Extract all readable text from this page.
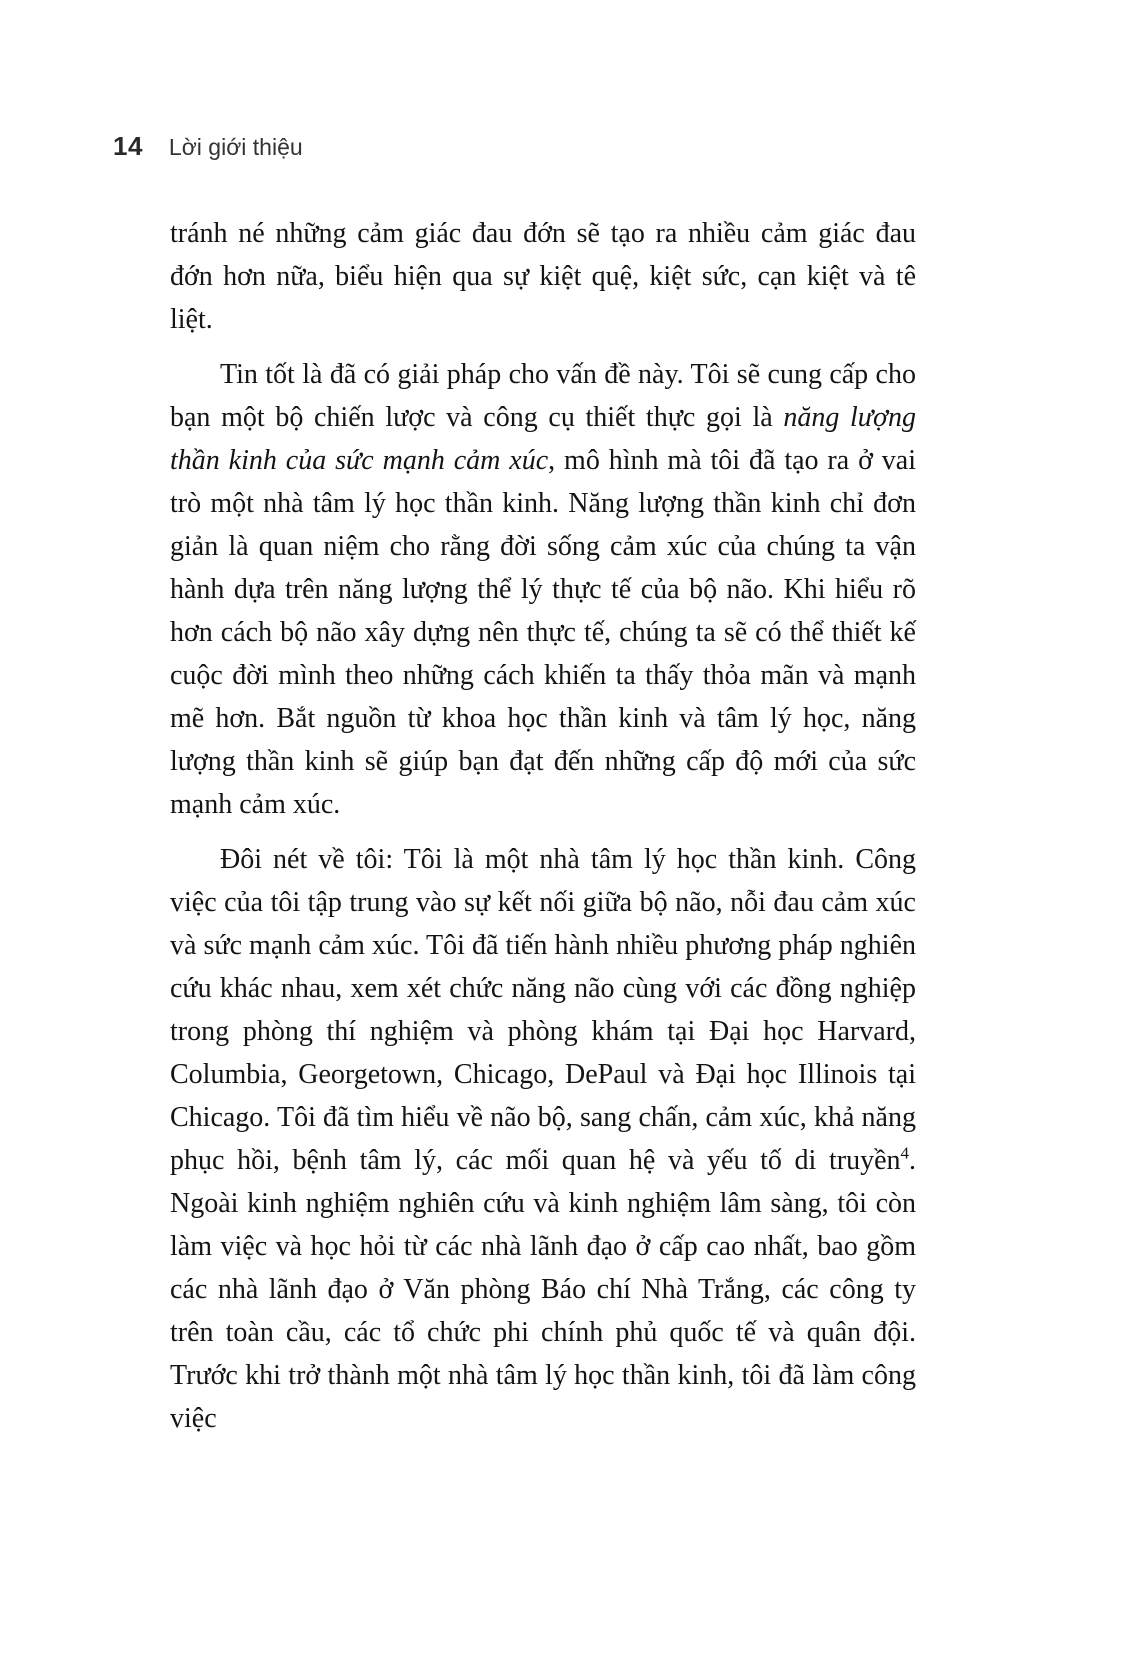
14 Lời giới thiệu

tránh né những cảm giác đau đớn sẽ tạo ra nhiều cảm giác đau đớn hơn nữa, biểu hiện qua sự kiệt quệ, kiệt sức, cạn kiệt và tê liệt.

Tin tốt là đã có giải pháp cho vấn đề này. Tôi sẽ cung cấp cho bạn một bộ chiến lược và công cụ thiết thực gọi là năng lượng thần kinh của sức mạnh cảm xúc, mô hình mà tôi đã tạo ra ở vai trò một nhà tâm lý học thần kinh. Năng lượng thần kinh chỉ đơn giản là quan niệm cho rằng đời sống cảm xúc của chúng ta vận hành dựa trên năng lượng thể lý thực tế của bộ não. Khi hiểu rõ hơn cách bộ não xây dựng nên thực tế, chúng ta sẽ có thể thiết kế cuộc đời mình theo những cách khiến ta thấy thỏa mãn và mạnh mẽ hơn. Bắt nguồn từ khoa học thần kinh và tâm lý học, năng lượng thần kinh sẽ giúp bạn đạt đến những cấp độ mới của sức mạnh cảm xúc.

Đôi nét về tôi: Tôi là một nhà tâm lý học thần kinh. Công việc của tôi tập trung vào sự kết nối giữa bộ não, nỗi đau cảm xúc và sức mạnh cảm xúc. Tôi đã tiến hành nhiều phương pháp nghiên cứu khác nhau, xem xét chức năng não cùng với các đồng nghiệp trong phòng thí nghiệm và phòng khám tại Đại học Harvard, Columbia, Georgetown, Chicago, DePaul và Đại học Illinois tại Chicago. Tôi đã tìm hiểu về não bộ, sang chấn, cảm xúc, khả năng phục hồi, bệnh tâm lý, các mối quan hệ và yếu tố di truyền$^4$. Ngoài kinh nghiệm nghiên cứu và kinh nghiệm lâm sàng, tôi còn làm việc và học hỏi từ các nhà lãnh đạo ở cấp cao nhất, bao gồm các nhà lãnh đạo ở Văn phòng Báo chí Nhà Trắng, các công ty trên toàn cầu, các tổ chức phi chính phủ quốc tế và quân đội. Trước khi trở thành một nhà tâm lý học thần kinh, tôi đã làm công việc
